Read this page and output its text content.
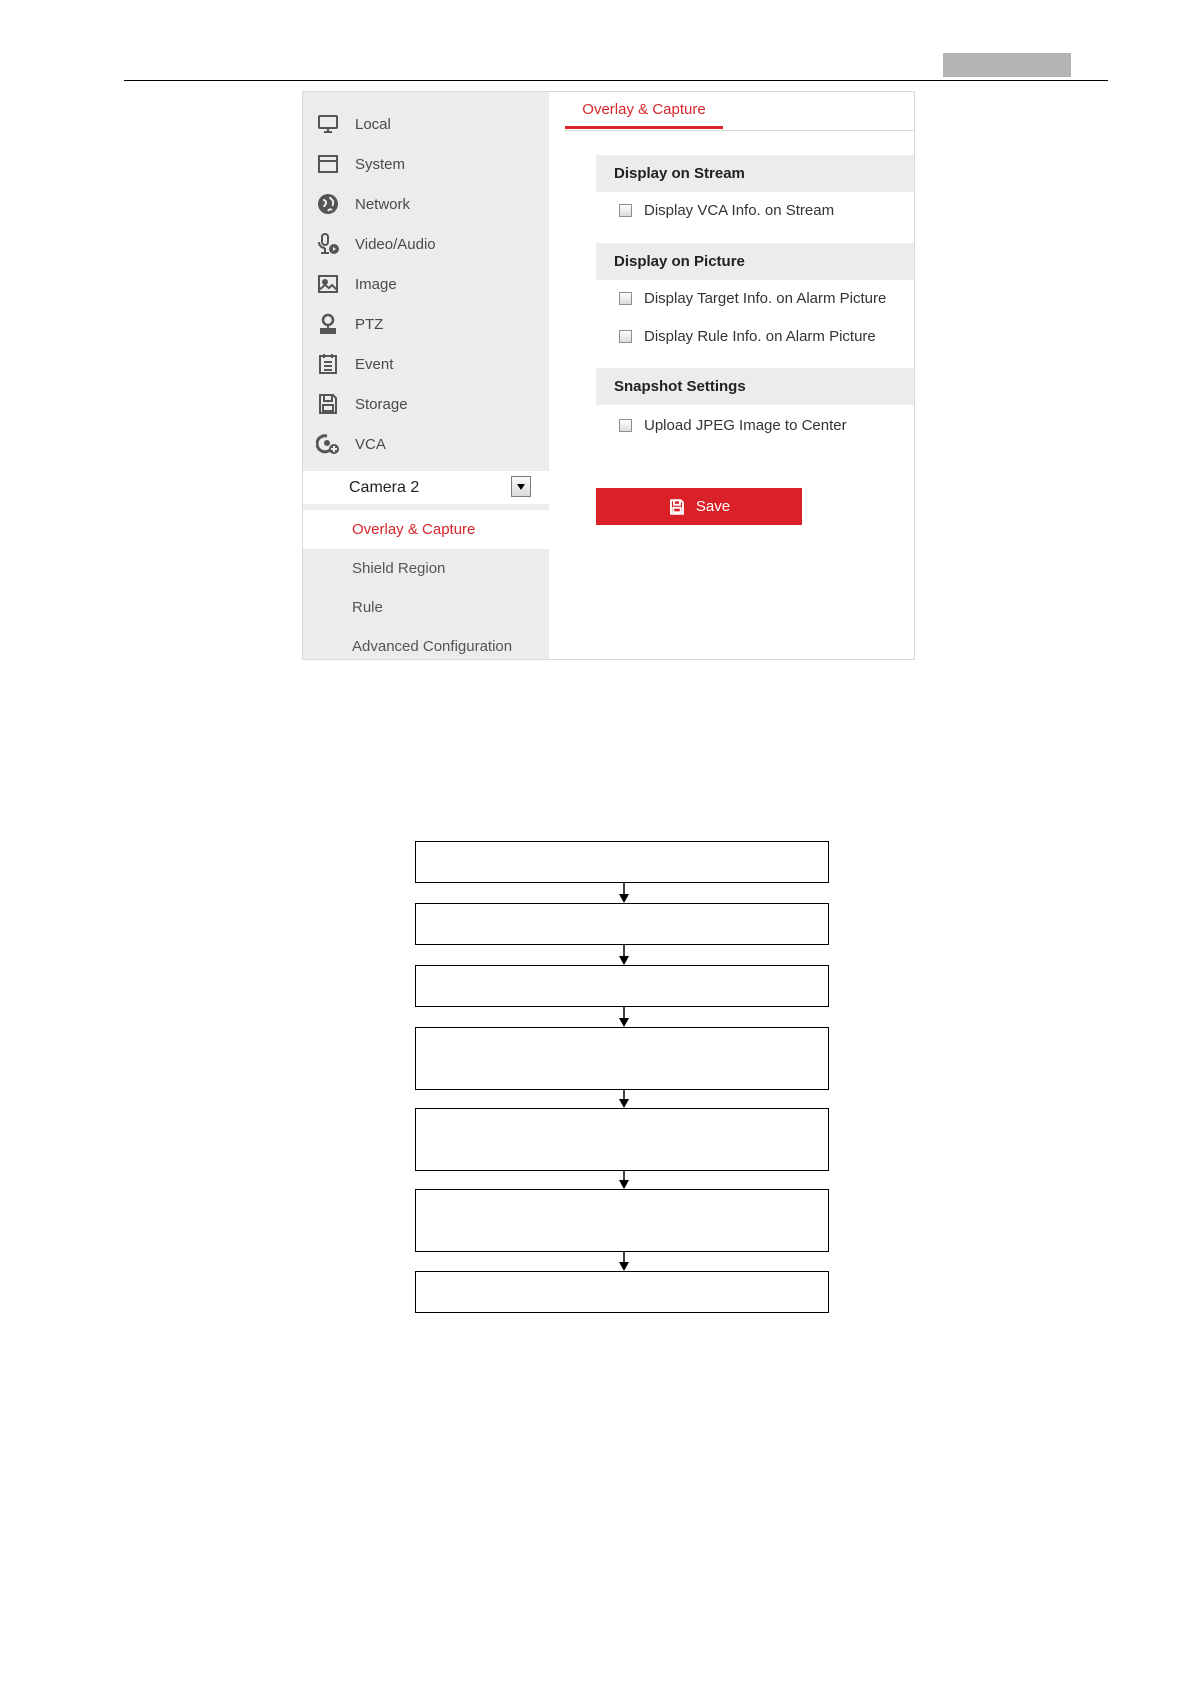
Local
System
Network
Video/Audio
Image
PTZ
Event
Storage
VCA
Camera 2
Overlay & Capture
Shield Region
Rule
Advanced Configuration
Overlay & Capture
Display on Stream
Display VCA Info. on Stream
Display on Picture
Display Target Info. on Alarm Picture
Display Rule Info. on Alarm Picture
Snapshot Settings
Upload JPEG Image to Center
Save
